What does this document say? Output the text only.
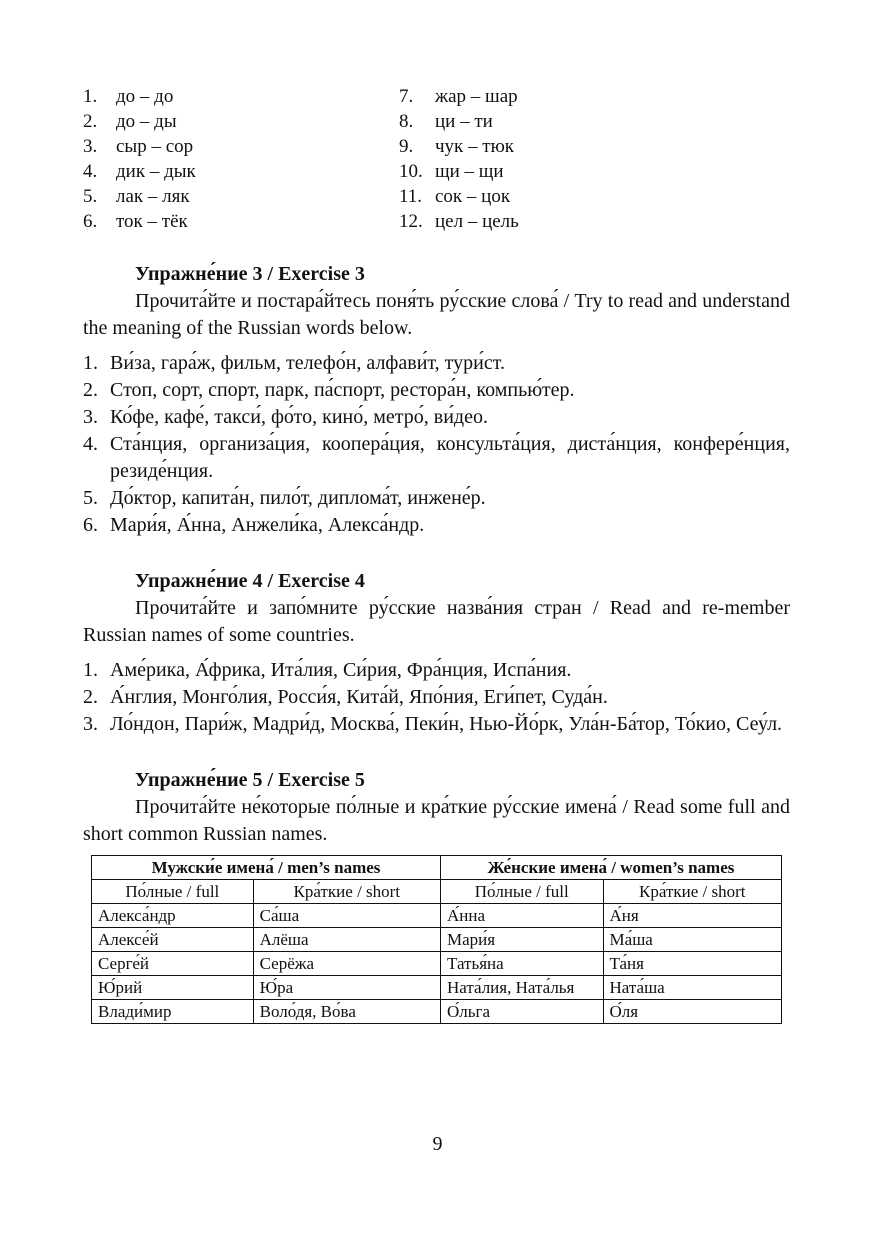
1. до – до
2. до – ды
3. сыр – сор
4. дик – дык
5. лак – ляк
6. ток – тёк
7.	жар – шар
8.	ци – ти
9.	чук – тюк
10. щи – щи
11. сок – цок
12. цел – цель
Упражне́ние 3 / Exercise 3

Прочита́йте и постара́йтесь поня́ть ру́сские слова́ / Try to read and understand the meaning of the Russian words below.

1. Ви́за, гара́ж, фильм, телефо́н, алфави́т, тури́ст.
2. Стоп, сорт, спорт, парк, па́спорт, рестора́н, компью́тер.
3. Ко́фе, кафе́, такси́, фо́то, кино́, метро́, ви́део.
4. Ста́нция, организа́ция, коопера́ция, консульта́ция, диста́нция, конфере́нция, резиде́нция.
5. До́ктор, капита́н, пило́т, диплома́т, инжене́р.
6. Мари́я, А́нна, Анжели́ка, Алекса́ндр.
Упражне́ние 4 / Exercise 4

Прочита́йте и запо́мните ру́сские назва́ния стран / Read and re-member Russian names of some countries.

1. Аме́рика, А́фрика, Ита́лия, Си́рия, Фра́нция, Испа́ния.
2. А́нглия, Монго́лия, Росси́я, Кита́й, Япо́ния, Еги́пет, Суда́н.
3. Ло́ндон, Пари́ж, Мадри́д, Москва́, Пеки́н, Нью-Йо́рк, Ула́н-Ба́тор, То́кио, Сеу́л.
Упражне́ние 5 / Exercise 5

Прочита́йте не́которые по́лные и кра́ткие ру́сские имена́ / Read some full and short common Russian names.

Мужски́е имена́ / men’s names		Же́нские имена́ / women’s names	
По́лные / full	Кра́ткие / short	По́лные / full	Кра́ткие / short
Алекса́ндр	Са́ша	А́нна	А́ня
Алексе́й	Алёша	Мари́я	Ма́ша
Серге́й	Серёжа	Татья́на	Та́ня
Ю́рий	Ю́ра	Ната́лия, Ната́лья	Ната́ша
Влади́мир	Воло́дя, Во́ва	О́льга	О́ля
9
